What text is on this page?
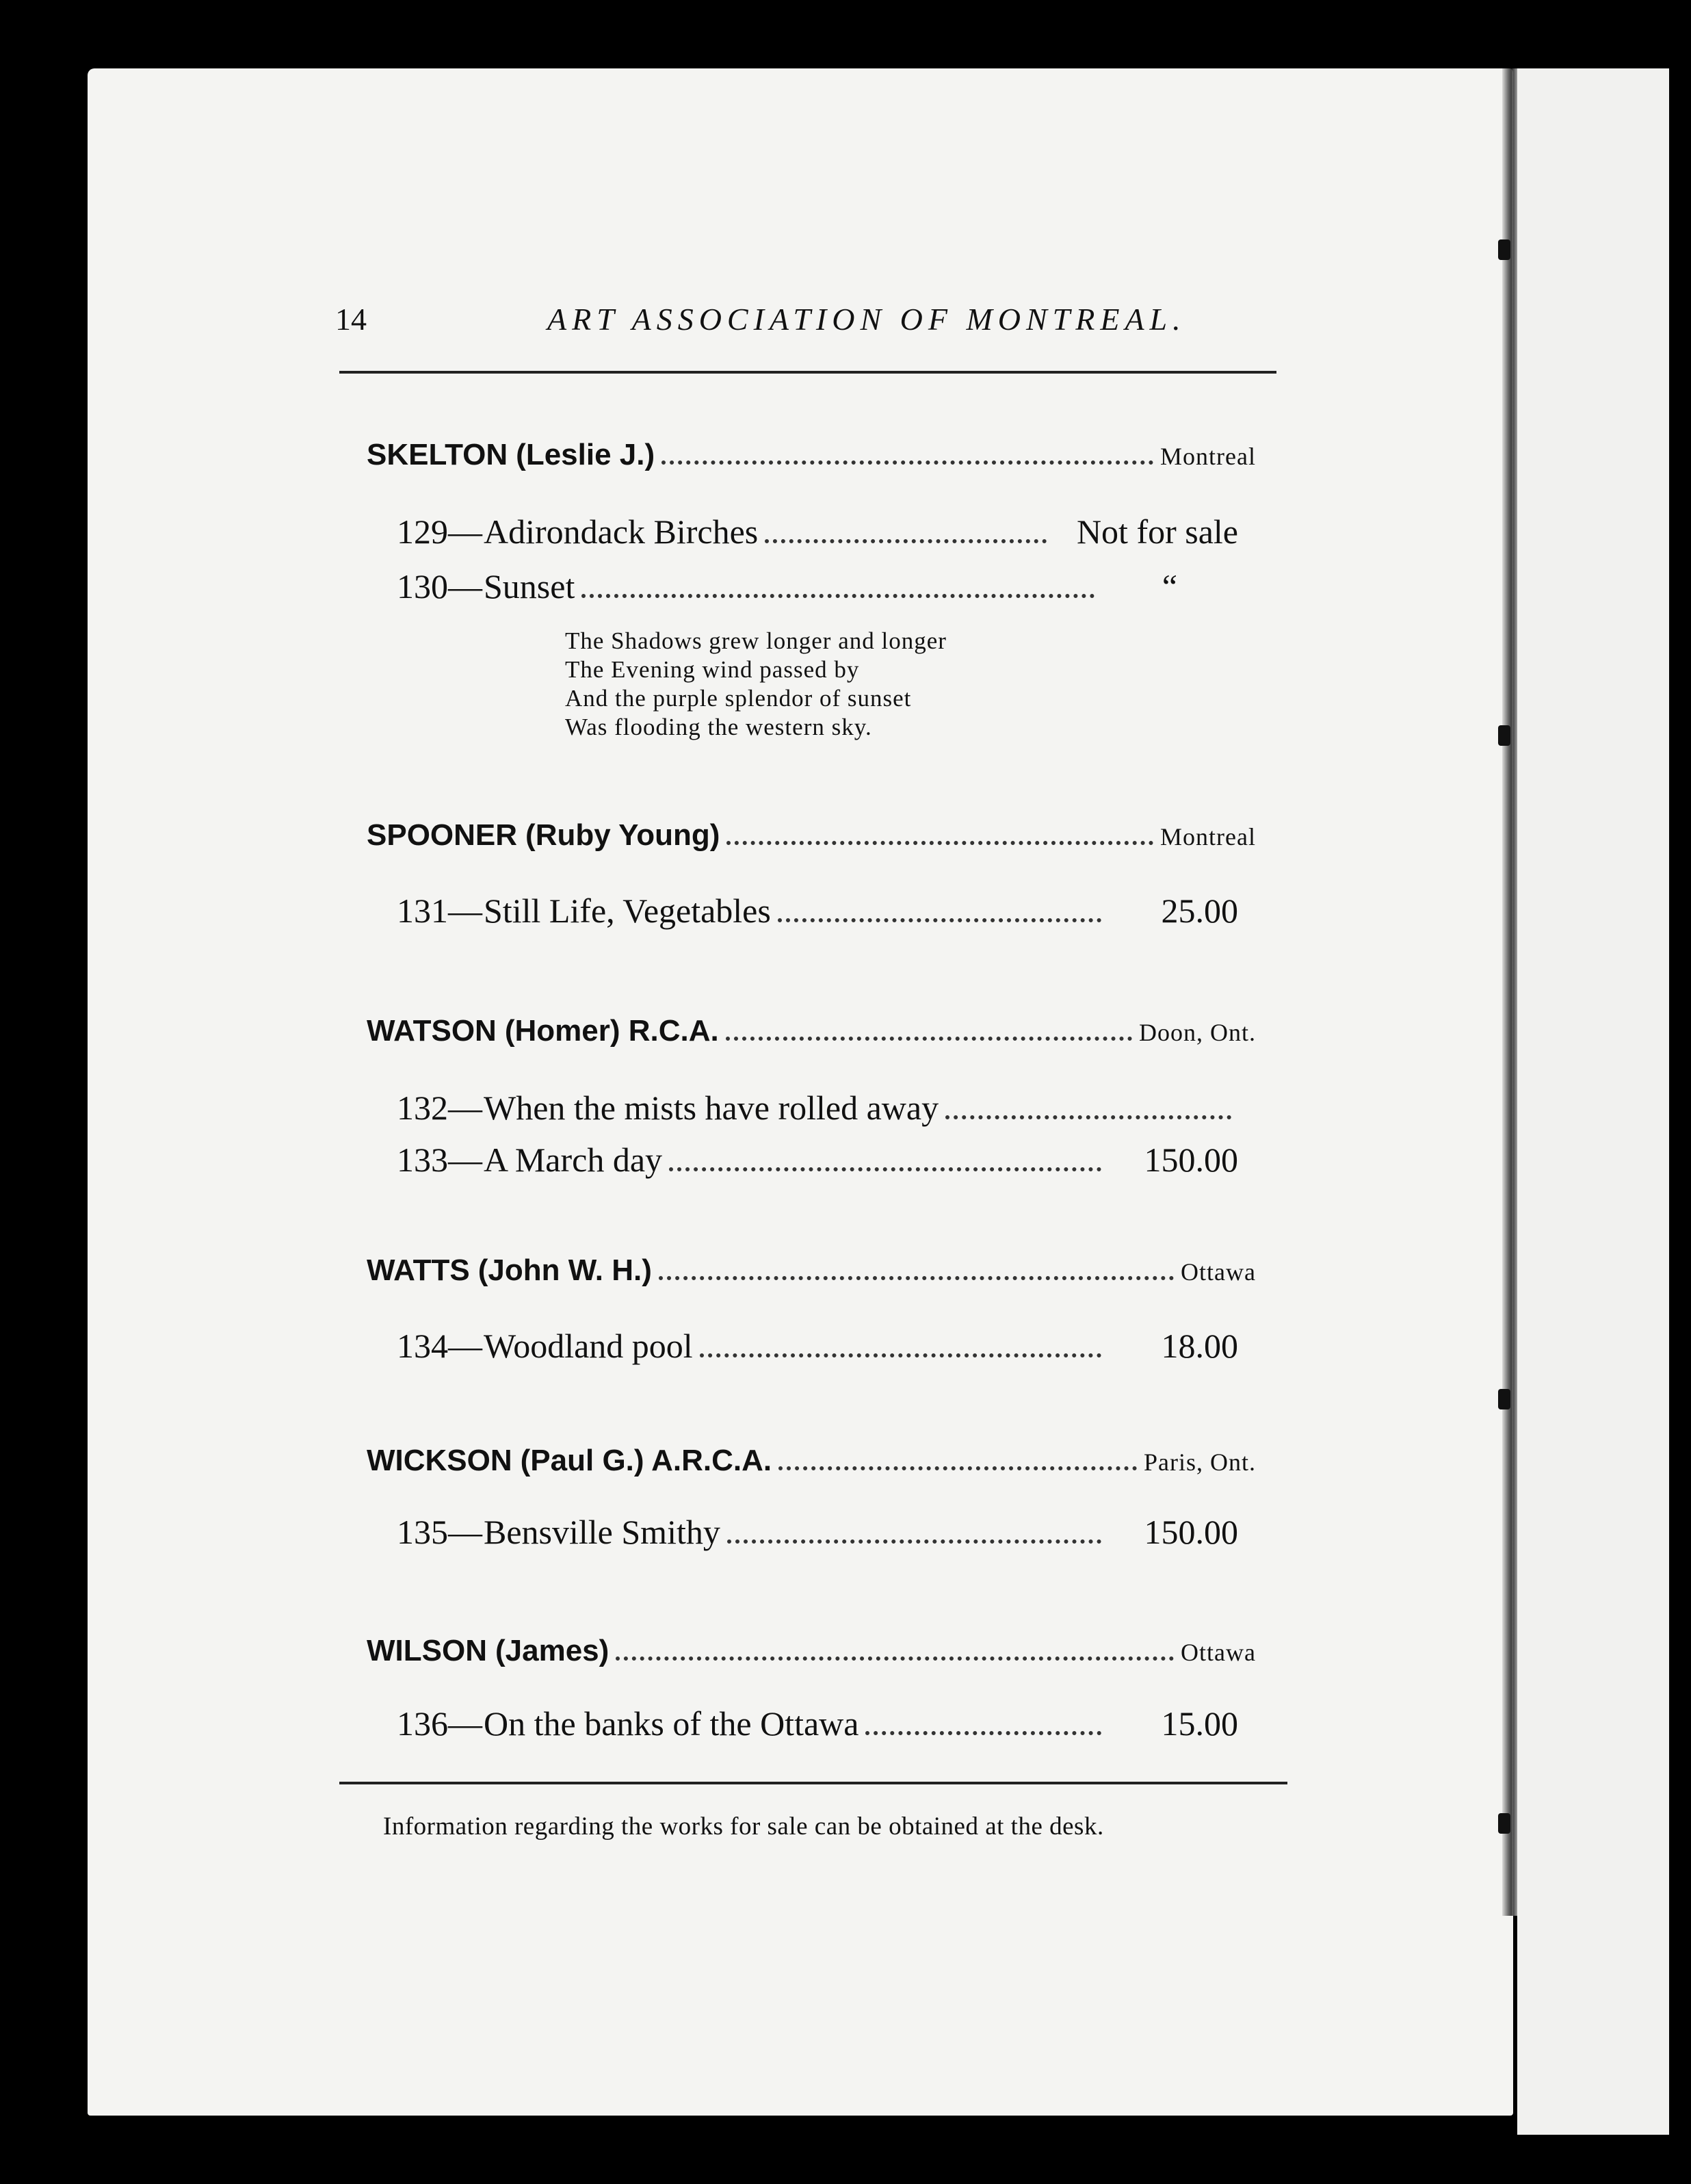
14	ART ASSOCIATION OF MONTREAL.
SKELTON (Leslie J.)	Montreal
129— Adirondack Birches	Not for sale
130— Sunset	“
The Shadows grew longer and longer
The Evening wind passed by
And the purple splendor of sunset
Was flooding the western sky.
SPOONER (Ruby Young)	Montreal
131— Still Life, Vegetables	25.00
WATSON (Homer) R.C.A.	Doon, Ont.
132— When the mists have rolled away
133— A March day	150.00
WATTS (John W. H.)	Ottawa
134— Woodland pool	18.00
WICKSON (Paul G.) A.R.C.A.	Paris, Ont.
135— Bensville Smithy	150.00
WILSON (James)	Ottawa
136— On the banks of the Ottawa	15.00
Information regarding the works for sale can be obtained at the desk.
